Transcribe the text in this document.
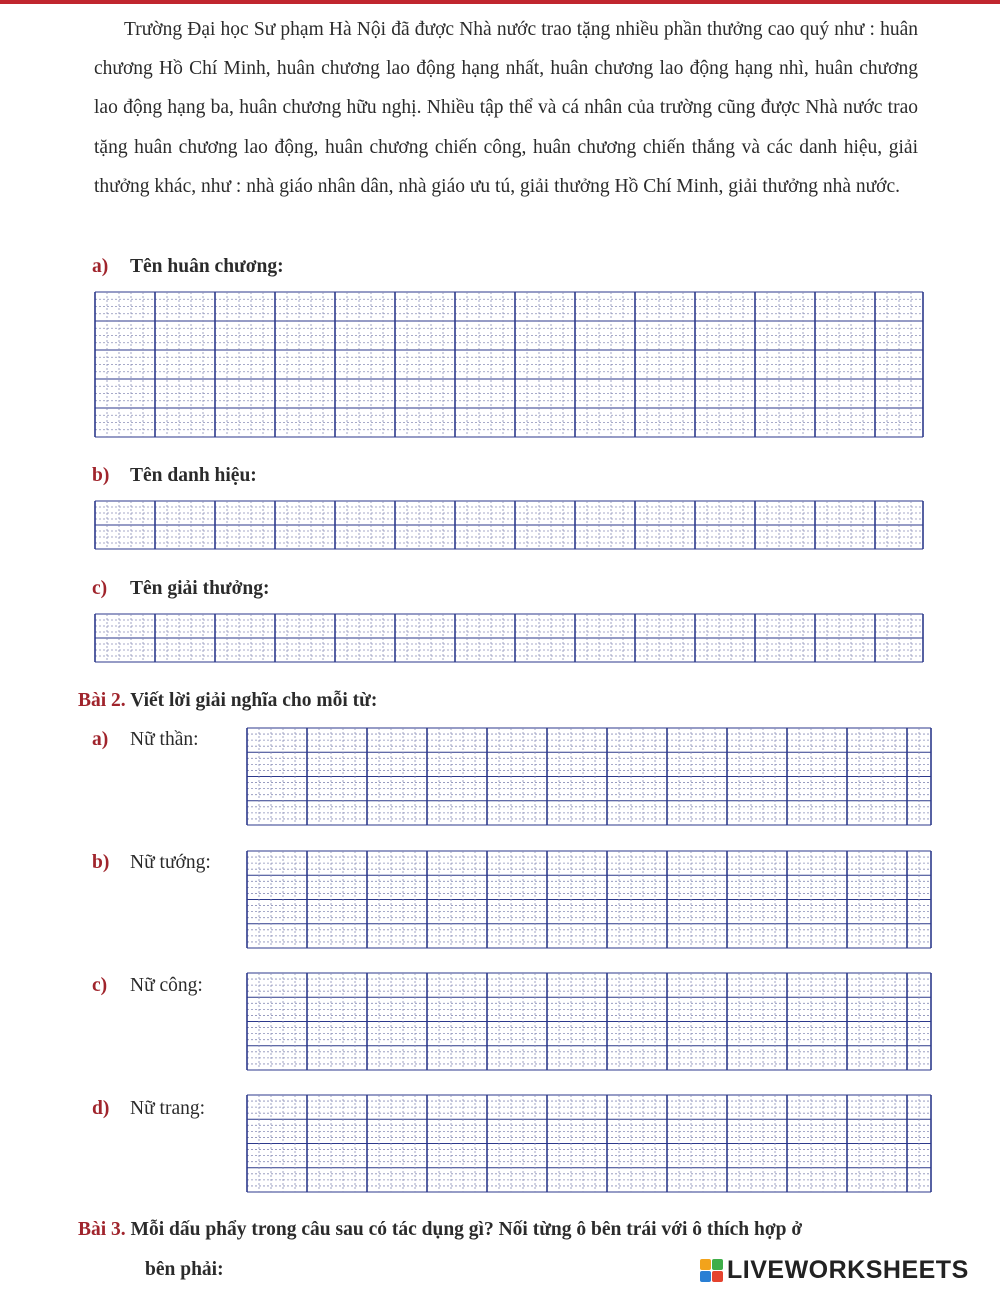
Trường Đại học Sư phạm Hà Nội đã được Nhà nước trao tặng nhiều phần thưởng cao quý như : huân chương Hồ Chí Minh, huân chương lao động hạng nhất, huân chương lao động hạng nhì, huân chương lao động hạng ba, huân chương hữu nghị. Nhiều tập thể và cá nhân của trường cũng được Nhà nước trao tặng huân chương lao động, huân chương chiến công, huân chương chiến thắng và các danh hiệu, giải thưởng khác, như : nhà giáo nhân dân, nhà giáo ưu tú, giải thưởng Hồ Chí Minh, giải thưởng nhà nước.

a) Tên huân chương:
b) Tên danh hiệu:
c) Tên giải thưởng:
Bài 2. Viết lời giải nghĩa cho mỗi từ:
a) Nữ thần:
b) Nữ tướng:
c) Nữ công:
d) Nữ trang:
Bài 3. Mỗi dấu phẩy trong câu sau có tác dụng gì? Nối từng ô bên trái với ô thích hợp ở
bên phải:	LIVEWORKSHEETS
